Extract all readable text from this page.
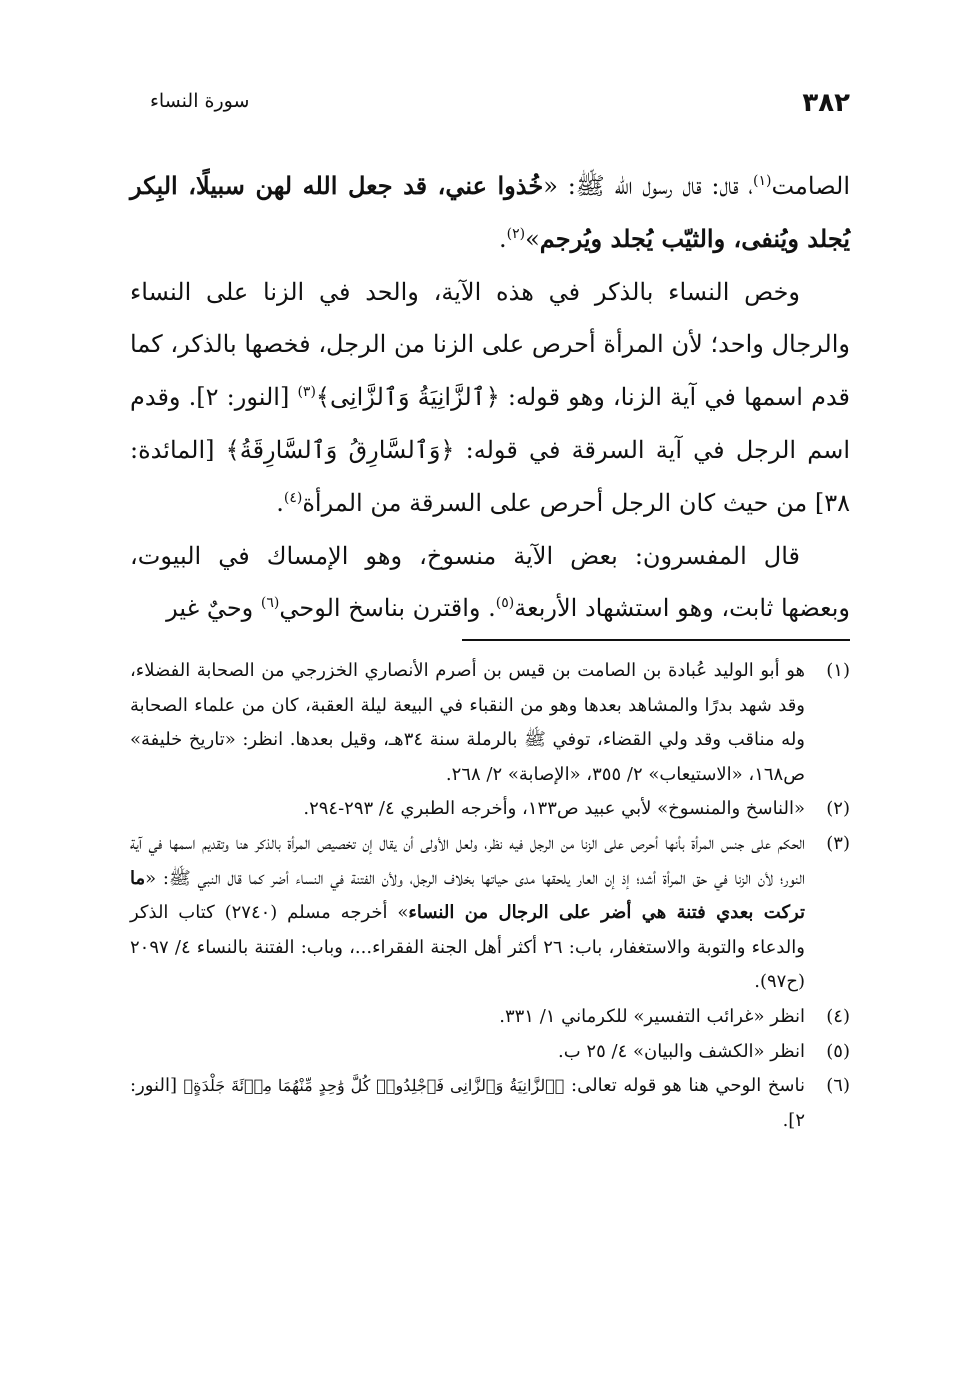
٣٨٢
سورة النساء

الصامت$^{(١)}$، قال: قال رسول الله ﷺ: «خُذوا عني، قد جعل الله لهن سبيلًا، البِكر يُجلد ويُنفى، والثيّب يُجلد ويُرجم»$^{(٢)}$.

وخص النساء بالذكر في هذه الآية، والحد في الزنا على النساء والرجال واحد؛ لأن المرأة أحرص على الزنا من الرجل، فخصها بالذكر، كما قدم اسمها في آية الزنا، وهو قوله: ﴿ٱلزَّانِيَةُ وَٱلزَّانِى﴾$^{(٣)}$ [النور: ٢]. وقدم اسم الرجل في آية السرقة في قوله: ﴿وَٱلسَّارِقُ وَٱلسَّارِقَةُ﴾ [المائدة: ٣٨] من حيث كان الرجل أحرص على السرقة من المرأة$^{(٤)}$.

قال المفسرون: بعض الآية منسوخ، وهو الإمساك في البيوت، وبعضها ثابت، وهو استشهاد الأربعة$^{(٥)}$. واقترن بناسخ الوحي$^{(٦)}$ وحيٌ غير

(١)

هو أبو الوليد عُبادة بن الصامت بن قيس بن أصرم الأنصاري الخزرجي من الصحابة الفضلاء، وقد شهد بدرًا والمشاهد بعدها وهو من النقباء في البيعة ليلة العقبة، كان من علماء الصحابة وله مناقب وقد ولي القضاء، توفي ﷺ بالرملة سنة ٣٤هـ، وقيل بعدها. انظر: «تاريخ خليفة» ص١٦٨، «الاستيعاب» ٢/ ٣٥٥، «الإصابة» ٢/ ٢٦٨.

(٢)

«الناسخ والمنسوخ» لأبي عبيد ص١٣٣، وأخرجه الطبري ٤/ ٢٩٣-٢٩٤.

(٣)

الحكم على جنس المرأة بأنها أحرص على الزنا من الرجل فيه نظر، ولعل الأولى أن يقال إن تخصيص المرأة بالذكر هنا وتقديم اسمها في آية النور؛ لأن الزنا في حق المرأة أشد؛ إذ إن العار يلحقها مدى حياتها بخلاف الرجل، ولأن الفتنة في النساء أضر كما قال النبي ﷺ: «ما تركت بعدي فتنة هي أضر على الرجال من النساء» أخرجه مسلم (٢٧٤٠) كتاب الذكر والدعاء والتوبة والاستغفار، باب: ٢٦ أكثر أهل الجنة الفقراء...، وباب: الفتنة بالنساء ٤/ ٢٠٩٧ (ح٩٧).

(٤)

انظر «غرائب التفسير» للكرماني ١/ ٣٣١.

(٥)

انظر «الكشف والبيان» ٤/ ٢٥ ب.

(٦)

ناسخ الوحي هنا هو قوله تعالى: ﴿ٱلزَّانِيَةُ وَٱلزَّانِى فَٱجْلِدُوا۟ كُلَّ وَٰحِدٍ مِّنْهُمَا مِا۟ئَةَ جَلْدَةٍ﴾ [النور: ٢].
